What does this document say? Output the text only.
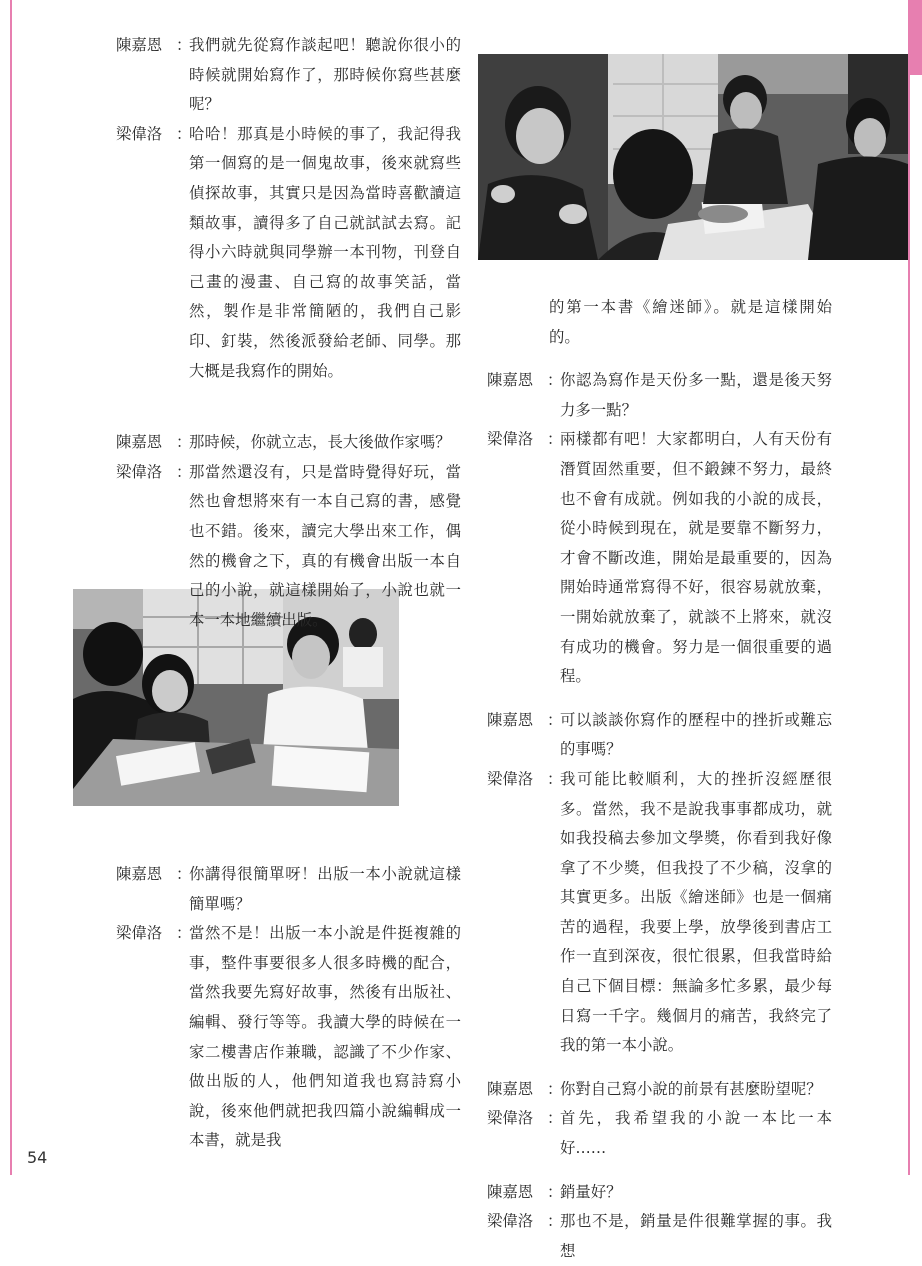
陳嘉恩 ：
我們就先從寫作談起吧！聽說你很小的時候就開始寫作了，那時候你寫些甚麼呢？
梁偉洛 ：
哈哈！那真是小時候的事了，我記得我第一個寫的是一個鬼故事，後來就寫些偵探故事，其實只是因為當時喜歡讀這類故事，讀得多了自己就試試去寫。記得小六時就與同學辦一本刊物，刊登自己畫的漫畫、自己寫的故事笑話，當然，製作是非常簡陋的，我們自己影印、釘裝，然後派發給老師、同學。那大概是我寫作的開始。
陳嘉恩 ：
那時候，你就立志，長大後做作家嗎？
梁偉洛 ：
那當然還沒有，只是當時覺得好玩，當然也會想將來有一本自己寫的書，感覺也不錯。後來，讀完大學出來工作，偶然的機會之下，真的有機會出版一本自己的小說，就這樣開始了，小說也就一本一本地繼續出版。
陳嘉恩 ：
你講得很簡單呀！出版一本小說就這樣簡單嗎？
梁偉洛 ：
當然不是！出版一本小說是件挺複雜的事，整件事要很多人很多時機的配合，當然我要先寫好故事，然後有出版社、編輯、發行等等。我讀大學的時候在一家二樓書店作兼職，認識了不少作家、做出版的人，他們知道我也寫詩寫小說，後來他們就把我四篇小說編輯成一本書，就是我
的第一本書《繪迷師》。就是這樣開始的。
陳嘉恩 ：
你認為寫作是天份多一點，還是後天努力多一點？
梁偉洛 ：
兩樣都有吧！大家都明白，人有天份有潛質固然重要，但不鍛鍊不努力，最終也不會有成就。例如我的小說的成長，從小時候到現在，就是要靠不斷努力，才會不斷改進，開始是最重要的，因為開始時通常寫得不好，很容易就放棄，一開始就放棄了，就談不上將來，就沒有成功的機會。努力是一個很重要的過程。
陳嘉恩 ：
可以談談你寫作的歷程中的挫折或難忘的事嗎？
梁偉洛 ：
我可能比較順利，大的挫折沒經歷很多。當然，我不是說我事事都成功，就如我投稿去參加文學獎，你看到我好像拿了不少獎，但我投了不少稿，沒拿的其實更多。出版《繪迷師》也是一個痛苦的過程，我要上學，放學後到書店工作一直到深夜，很忙很累，但我當時給自己下個目標：無論多忙多累，最少每日寫一千字。幾個月的痛苦，我終完了我的第一本小說。
陳嘉恩 ：
你對自己寫小說的前景有甚麼盼望呢？
梁偉洛 ：
首先，我希望我的小說一本比一本好……
陳嘉恩 ：
銷量好？
梁偉洛 ：
那也不是，銷量是件很難掌握的事。我想
54
